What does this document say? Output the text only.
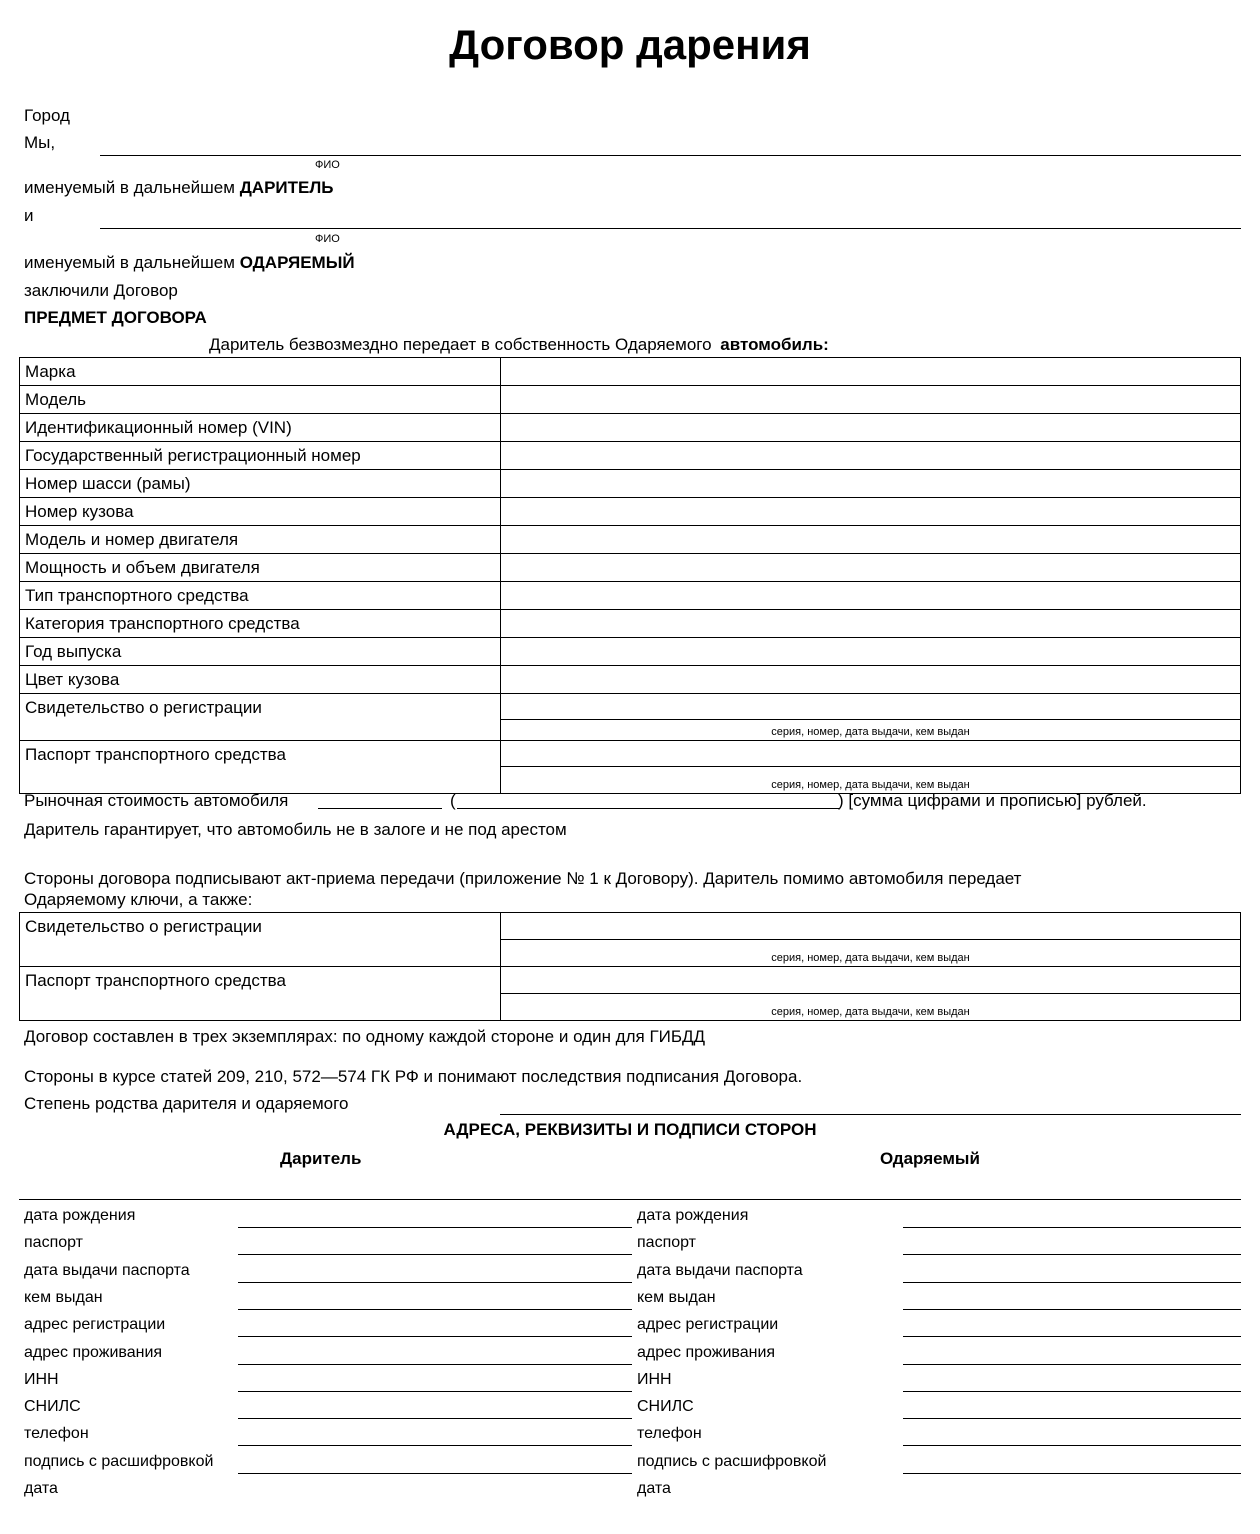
Договор дарения
Город
Мы,
ФИО
именуемый в дальнейшем ДАРИТЕЛЬ
и
ФИО
именуемый в дальнейшем ОДАРЯЕМЫЙ
заключили Договор
ПРЕДМЕТ ДОГОВОРА
Даритель безвозмездно передает в собственность Одаряемого автомобиль:
Марка	
Модель	
Идентификационный номер (VIN)	
Государственный регистрационный номер	
Номер шасси (рамы)	
Номер кузова	
Модель и номер двигателя	
Мощность и объем двигателя	
Тип транспортного средства	
Категория транспортного средства	
Год выпуска	
Цвет кузова	
Свидетельство о регистрации	
	серия, номер, дата выдачи, кем выдан
Паспорт транспортного средства	
	серия, номер, дата выдачи, кем выдан
Рыночная стоимость автомобиля	(	) [сумма цифрами и прописью] рублей.
Даритель гарантирует, что автомобиль не в залоге и не под арестом
Стороны договора подписывают акт-приема передачи (приложение № 1 к Договору). Даритель помимо автомобиля передает
Одаряемому ключи, а также:
Свидетельство о регистрации	
	серия, номер, дата выдачи, кем выдан
Паспорт транспортного средства	
	серия, номер, дата выдачи, кем выдан
Договор составлен в трех экземплярах: по одному каждой стороне и один для ГИБДД
Стороны в курсе статей 209, 210, 572—574 ГК РФ и понимают последствия подписания Договора.
Степень родства дарителя и одаряемого
АДРЕСА, РЕКВИЗИТЫ И ПОДПИСИ СТОРОН
Даритель	Одаряемый
дата рождения	дата рождения
паспорт	паспорт
дата выдачи паспорта	дата выдачи паспорта
кем выдан	кем выдан
адрес регистрации	адрес регистрации
адрес проживания	адрес проживания
ИНН	ИНН
СНИЛС	СНИЛС
телефон	телефон
подпись с расшифровкой	подпись с расшифровкой
дата	дата
